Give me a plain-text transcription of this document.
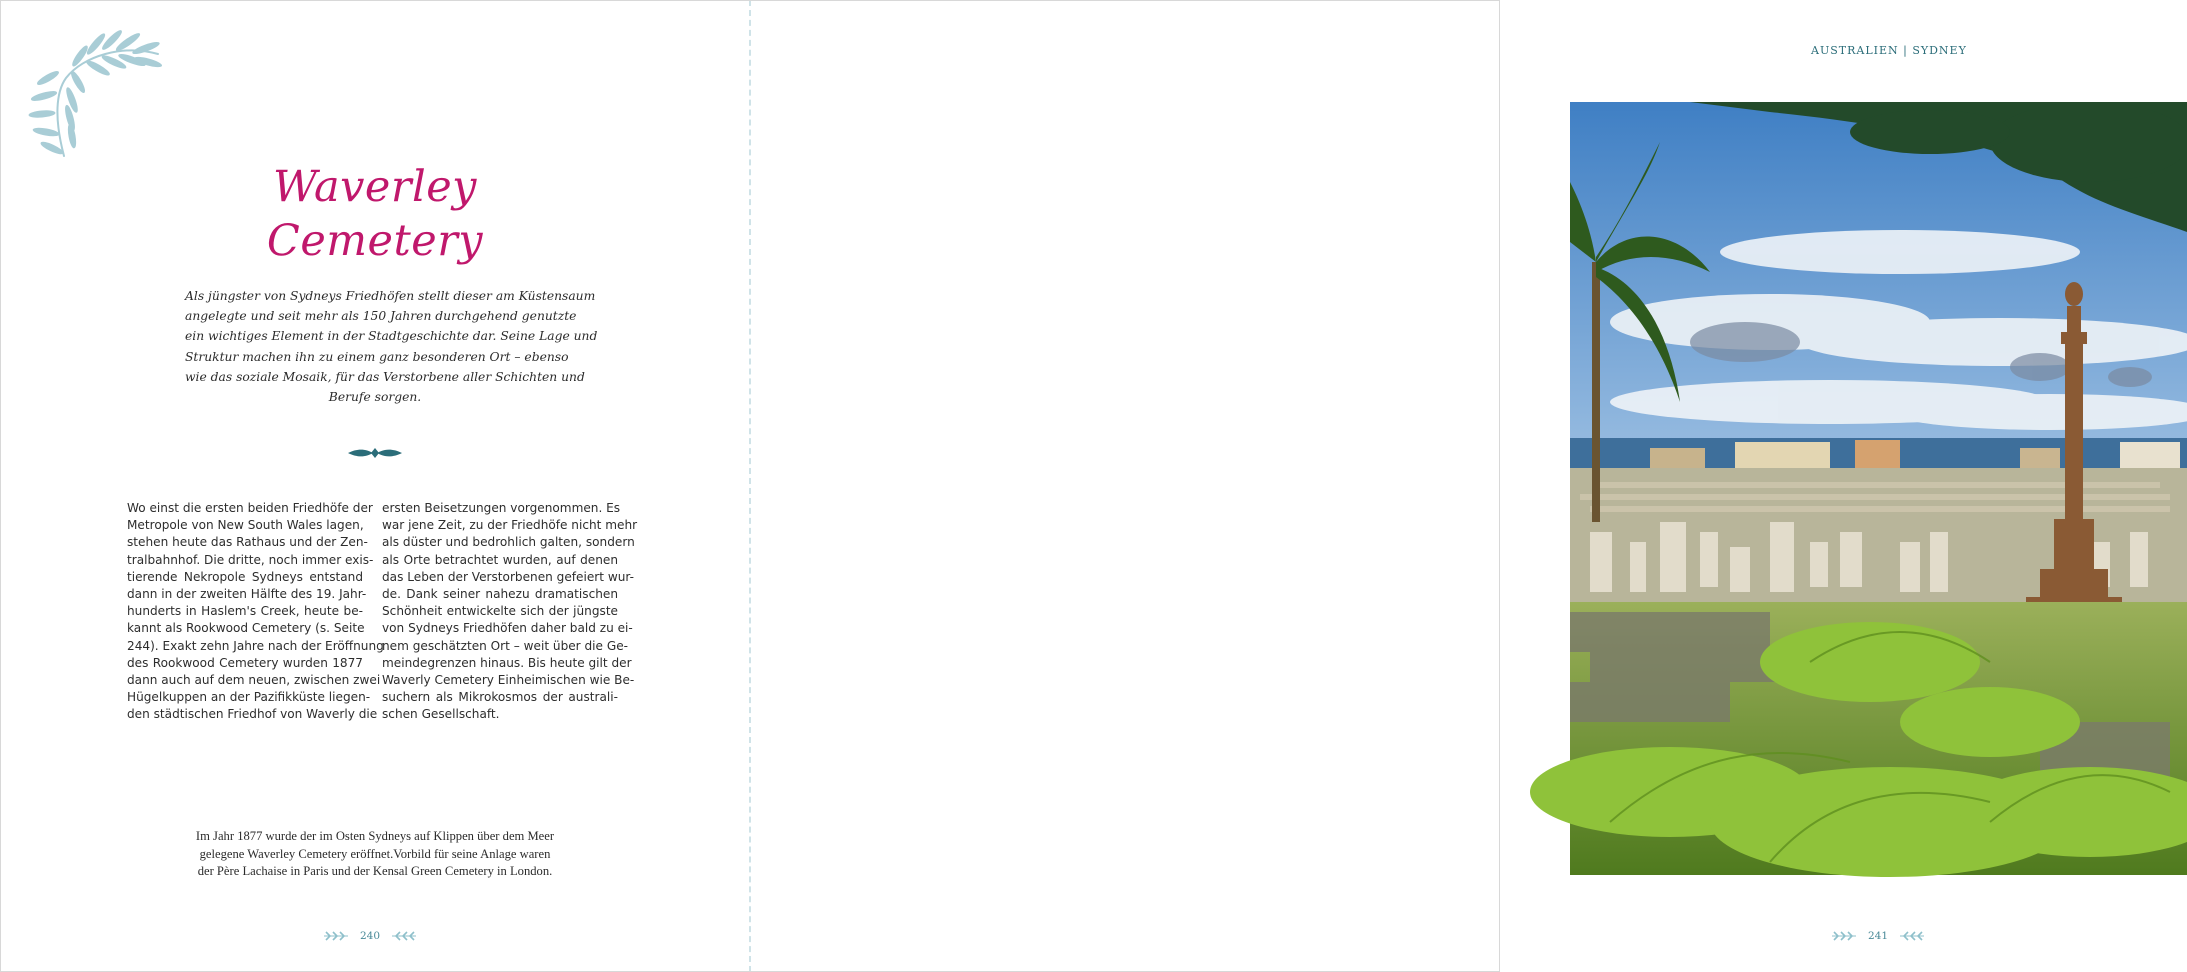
Waverley
Cemetery
Als jüngster von Sydneys Friedhöfen stellt dieser am Küstensaum
angelegte und seit mehr als 150 Jahren durchgehend genutzte
ein wichtiges Element in der Stadtgeschichte dar. Seine Lage und
Struktur machen ihn zu einem ganz besonderen Ort – ebenso
wie das soziale Mosaik, für das Verstorbene aller Schichten und
Berufe sorgen.
Wo einst die ersten beiden Friedhöfe der
Metropole von New South Wales lagen,
stehen heute das Rathaus und der Zen-
tralbahnhof. Die dritte, noch immer exis-
tierende Nekropole Sydneys entstand
dann in der zweiten Hälfte des 19. Jahr-
hunderts in Haslem's Creek, heute be-
kannt als Rookwood Cemetery (s. Seite
244). Exakt zehn Jahre nach der Eröffnung
des Rookwood Cemetery wurden 1877
dann auch auf dem neuen, zwischen zwei
Hügelkuppen an der Pazifikküste liegen-
den städtischen Friedhof von Waverly die
ersten Beisetzungen vorgenommen. Es
war jene Zeit, zu der Friedhöfe nicht mehr
als düster und bedrohlich galten, sondern
als Orte betrachtet wurden, auf denen
das Leben der Verstorbenen gefeiert wur-
de. Dank seiner nahezu dramatischen
Schönheit entwickelte sich der jüngste
von Sydneys Friedhöfen daher bald zu ei-
nem geschätzten Ort – weit über die Ge-
meindegrenzen hinaus. Bis heute gilt der
Waverly Cemetery Einheimischen wie Be-
suchern als Mikrokosmos der australi-
schen Gesellschaft.
Im Jahr 1877 wurde der im Osten Sydneys auf Klippen über dem Meer
gelegene Waverley Cemetery eröffnet.Vorbild für seine Anlage waren
der Père Lachaise in Paris und der Kensal Green Cemetery in London.
240
AUSTRALIEN | SYDNEY
241
